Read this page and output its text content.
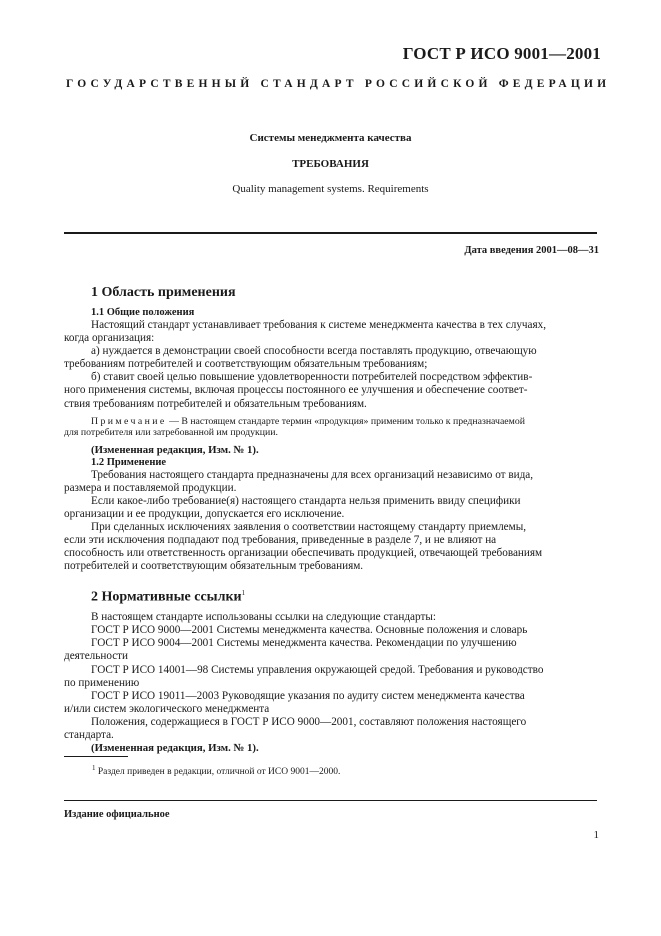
ГОСТ Р ИСО 9001—2001
ГОСУДАРСТВЕННЫЙ СТАНДАРТ РОССИЙСКОЙ ФЕДЕРАЦИИ
Системы менеджмента качества
ТРЕБОВАНИЯ
Quality management systems. Requirements
Дата введения 2001—08—31
1 Область применения
1.1 Общие положения

Настоящий стандарт устанавливает требования к системе менеджмента качества в тех случаях,

когда организация:

а) нуждается в демонстрации своей способности всегда поставлять продукцию, отвечающую

требованиям потребителей и соответствующим обязательным требованиям;

б) ставит своей целью повышение удовлетворенности потребителей посредством эффектив-

ного применения системы, включая процессы постоянного ее улучшения и обеспечение соответ-

ствия требованиям потребителей и обязательным требованиям.

Примечание — В настоящем стандарте термин «продукция» применим только к предназначаемой

для потребителя или затребованной им продукции.

(Измененная редакция, Изм. № 1).

1.2 Применение

Требования настоящего стандарта предназначены для всех организаций независимо от вида,

размера и поставляемой продукции.

Если какое-либо требование(я) настоящего стандарта нельзя применить ввиду специфики

организации и ее продукции, допускается его исключение.

При сделанных исключениях заявления о соответствии настоящему стандарту приемлемы,

если эти исключения подпадают под требования, приведенные в разделе 7, и не влияют на

способность или ответственность организации обеспечивать продукцией, отвечающей требованиям

потребителей и соответствующим обязательным требованиям.

2 Нормативные ссылки$^1$

В настоящем стандарте использованы ссылки на следующие стандарты:

ГОСТ Р ИСО 9000—2001 Системы менеджмента качества. Основные положения и словарь

ГОСТ Р ИСО 9004—2001 Системы менеджмента качества. Рекомендации по улучшению

деятельности

ГОСТ Р ИСО 14001—98 Системы управления окружающей средой. Требования и руководство

по применению

ГОСТ Р ИСО 19011—2003 Руководящие указания по аудиту систем менеджмента качества

и/или систем экологического менеджмента

Положения, содержащиеся в ГОСТ Р ИСО 9000—2001, составляют положения настоящего

стандарта.

(Измененная редакция, Изм. № 1).

$^1$ Раздел приведен в редакции, отличной от ИСО 9001—2000.
Издание официальное
1
